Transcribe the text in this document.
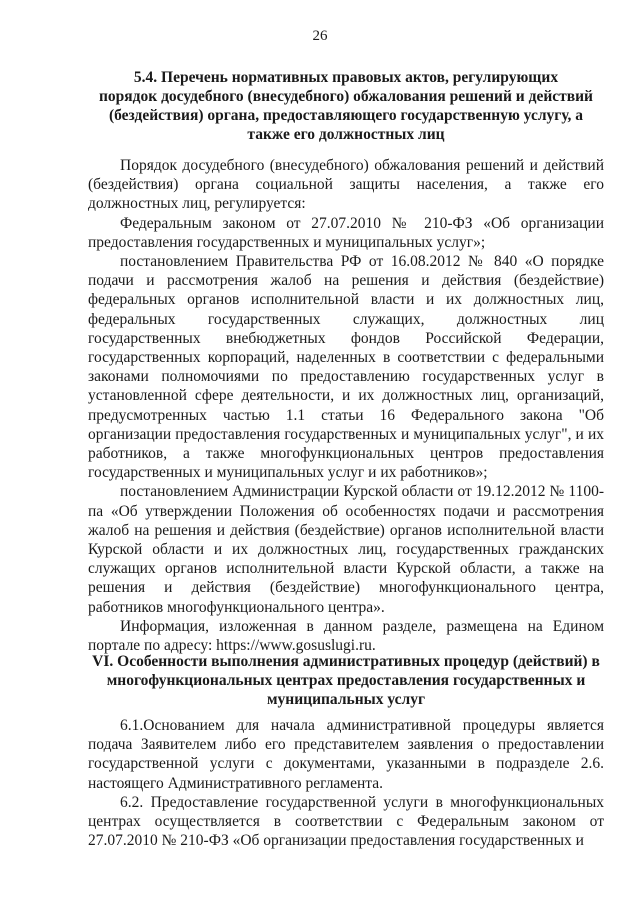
26
5.4. Перечень нормативных правовых актов, регулирующих
порядок досудебного (внесудебного) обжалования решений и действий
(бездействия) органа, предоставляющего государственную услугу, а
также его должностных лиц

Порядок досудебного (внесудебного) обжалования решений и действий (бездействия) органа социальной защиты населения, а также его должностных лиц, регулируется:

Федеральным законом от 27.07.2010 № 210-ФЗ «Об организации предоставления государственных и муниципальных услуг»;

постановлением Правительства РФ от 16.08.2012 № 840 «О порядке подачи и рассмотрения жалоб на решения и действия (бездействие) федеральных органов исполнительной власти и их должностных лиц, федеральных государственных служащих, должностных лиц государственных внебюджетных фондов Российской Федерации, государственных корпораций, наделенных в соответствии с федеральными законами полномочиями по предоставлению государственных услуг в установленной сфере деятельности, и их должностных лиц, организаций, предусмотренных частью 1.1 статьи 16 Федерального закона "Об организации предоставления государственных и муниципальных услуг", и их работников, а также многофункциональных центров предоставления государственных и муниципальных услуг и их работников»;

постановлением Администрации Курской области от 19.12.2012 № 1100-па «Об утверждении Положения об особенностях подачи и рассмотрения жалоб на решения и действия (бездействие) органов исполнительной власти Курской области и их должностных лиц, государственных гражданских служащих органов исполнительной власти Курской области, а также на решения и действия (бездействие) многофункционального центра, работников многофункционального центра».

Информация, изложенная в данном разделе, размещена на Едином портале по адресу: https://www.gosuslugi.ru.

VI. Особенности выполнения административных процедур (действий) в
многофункциональных центрах предоставления государственных и
муниципальных услуг

6.1.Основанием для начала административной процедуры является подача Заявителем либо его представителем заявления о предоставлении государственной услуги с документами, указанными в подразделе 2.6. настоящего Административного регламента.

6.2. Предоставление государственной услуги в многофункциональных центрах осуществляется в соответствии с Федеральным законом от 27.07.2010 № 210-ФЗ «Об организации предоставления государственных и
